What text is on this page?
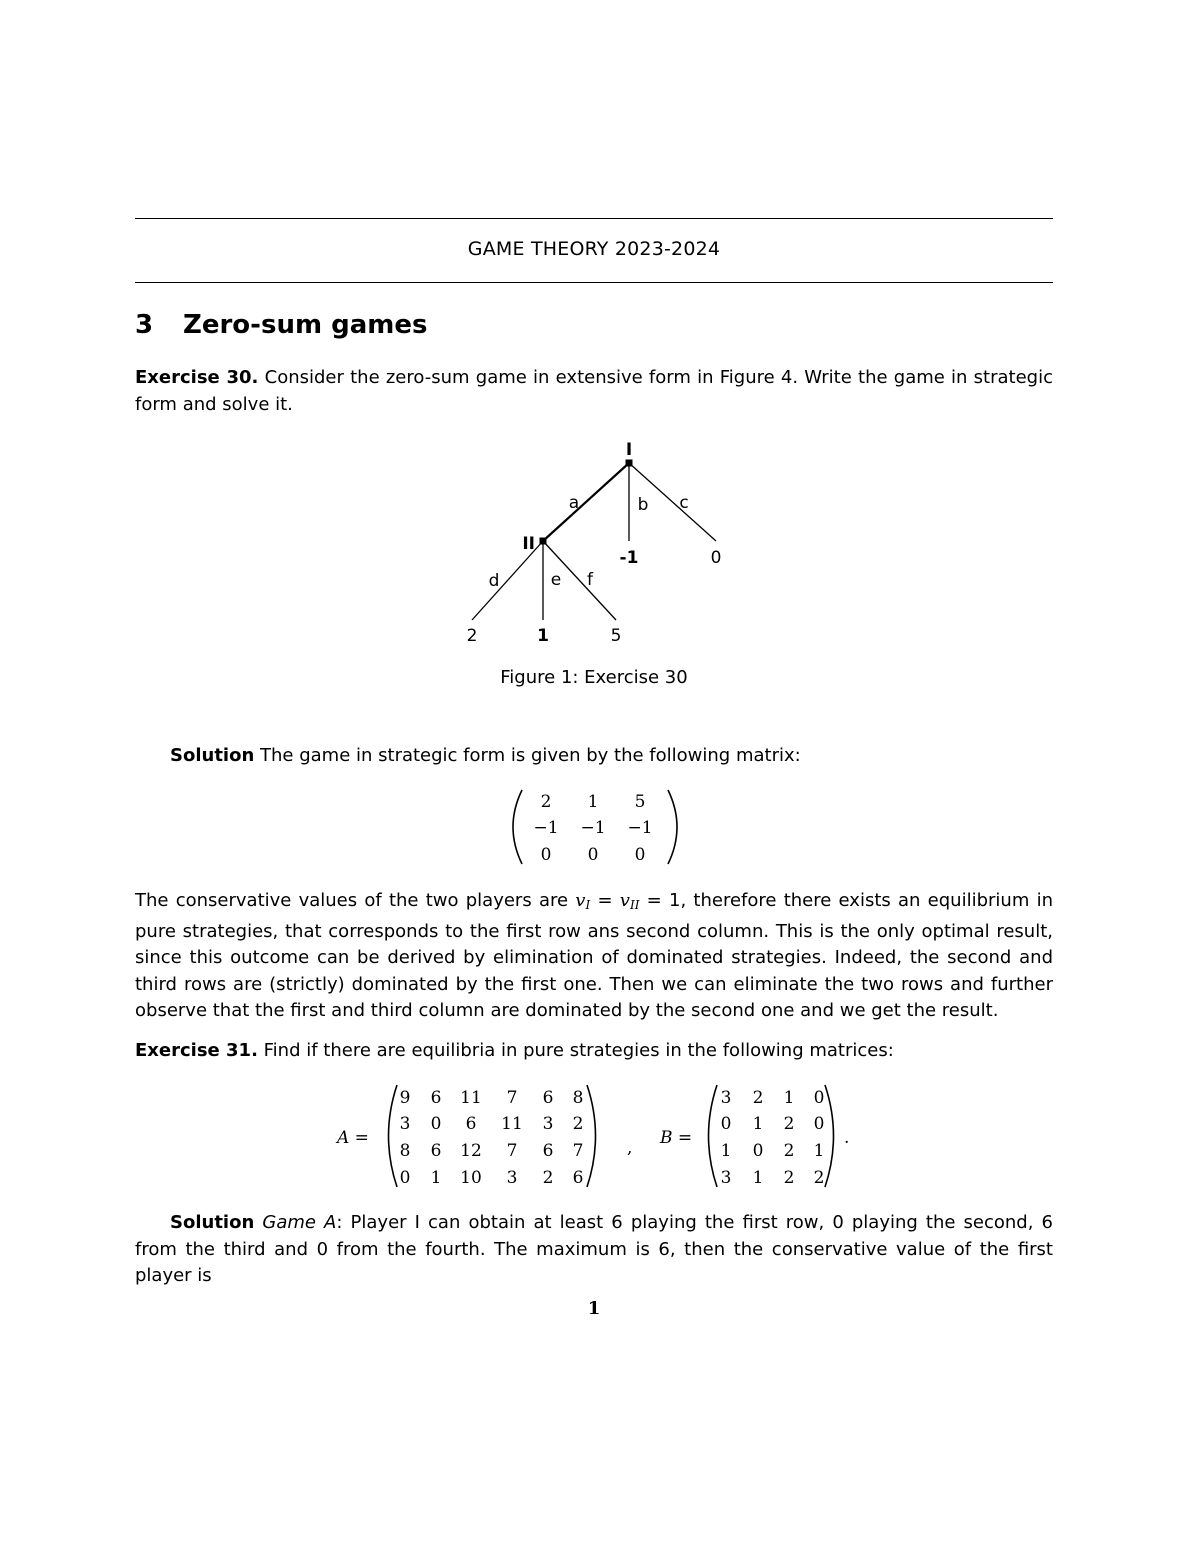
GAME THEORY 2023-2024
3 Zero-sum games
Exercise 30. Consider the zero-sum game in extensive form in Figure 4. Write the game in strategic form and solve it.
I
II
a	b c
d	e f
-1	0
2	1	5
Figure 1: Exercise 30
Solution The game in strategic form is given by the following matrix:
2 1 5
−1 −1 −1
0 0 0
The conservative values of the two players are $v_I = v_{II} = 1$, therefore there exists an equilibrium in pure strategies, that corresponds to the first row ans second column. This is the only optimal result, since this outcome can be derived by elimination of dominated strategies. Indeed, the second and third rows are (strictly) dominated by the first one. Then we can eliminate the two rows and further observe that the first and third column are dominated by the second one and we get the result.
Exercise 31. Find if there are equilibria in pure strategies in the following matrices:
A =
9 6 11 7 6 8
3 0 6 11 3 2
8 6 12 7 6 7
0 1 10 3 2 6
, B =
3 2 1 0
0 1 2 0
1 0 2 1
3 1 2 2
.
Solution Game A: Player I can obtain at least 6 playing the first row, 0 playing the second, 6 from the third and 0 from the fourth. The maximum is 6, then the conservative value of the first player is
1
